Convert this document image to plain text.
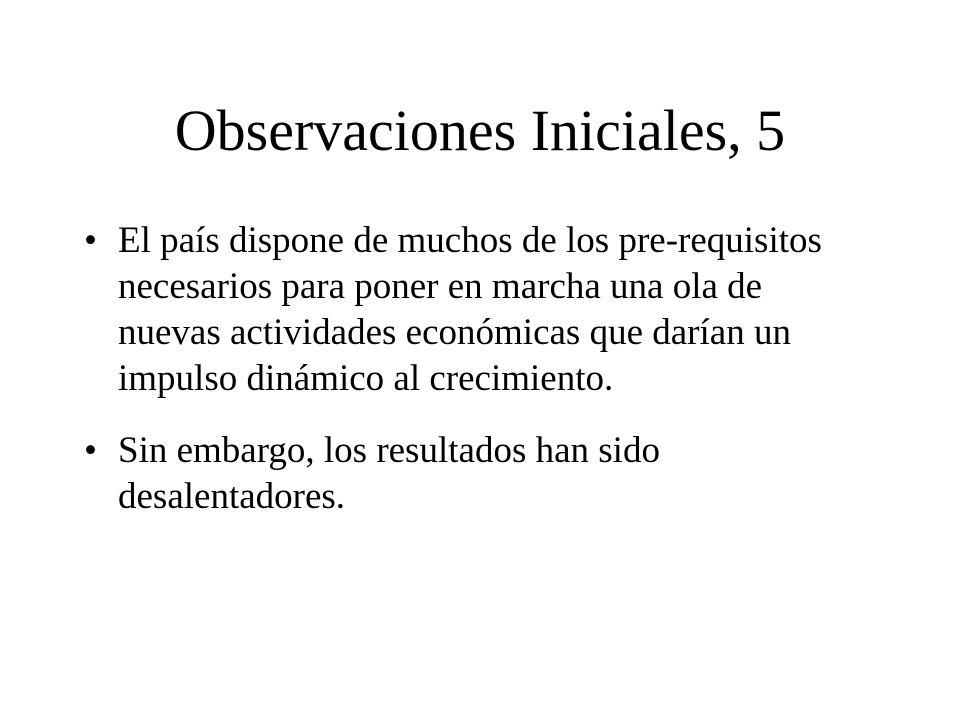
Observaciones Iniciales, 5
• El país dispone de muchos de los pre-requisitos necesarios para poner en marcha una ola de nuevas actividades económicas que darían un impulso dinámico al crecimiento.
• Sin embargo, los resultados han sido desalentadores.
